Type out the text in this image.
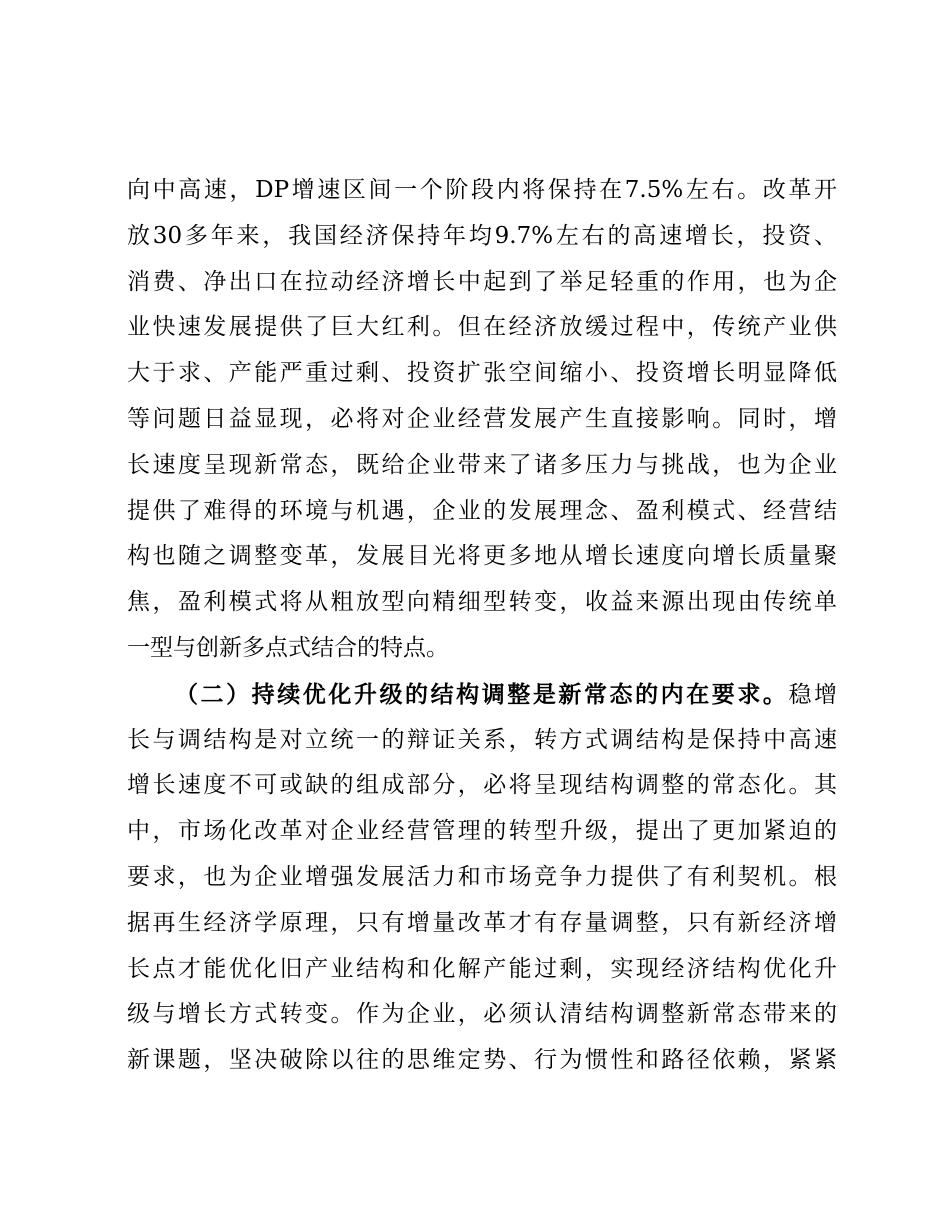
向中高速，DP增速区间一个阶段内将保持在7.5%左右。改革开
放30多年来，我国经济保持年均9.7%左右的高速增长，投资、
消费、净出口在拉动经济增长中起到了举足轻重的作用，也为企
业快速发展提供了巨大红利。但在经济放缓过程中，传统产业供
大于求、产能严重过剩、投资扩张空间缩小、投资增长明显降低
等问题日益显现，必将对企业经营发展产生直接影响。同时，增
长速度呈现新常态，既给企业带来了诸多压力与挑战，也为企业
提供了难得的环境与机遇，企业的发展理念、盈利模式、经营结
构也随之调整变革，发展目光将更多地从增长速度向增长质量聚
焦，盈利模式将从粗放型向精细型转变，收益来源出现由传统单
一型与创新多点式结合的特点。
（二）持续优化升级的结构调整是新常态的内在要求。稳增
长与调结构是对立统一的辩证关系，转方式调结构是保持中高速
增长速度不可或缺的组成部分，必将呈现结构调整的常态化。其
中，市场化改革对企业经营管理的转型升级，提出了更加紧迫的
要求，也为企业增强发展活力和市场竞争力提供了有利契机。根
据再生经济学原理，只有增量改革才有存量调整，只有新经济增
长点才能优化旧产业结构和化解产能过剩，实现经济结构优化升
级与增长方式转变。作为企业，必须认清结构调整新常态带来的
新课题，坚决破除以往的思维定势、行为惯性和路径依赖，紧紧
